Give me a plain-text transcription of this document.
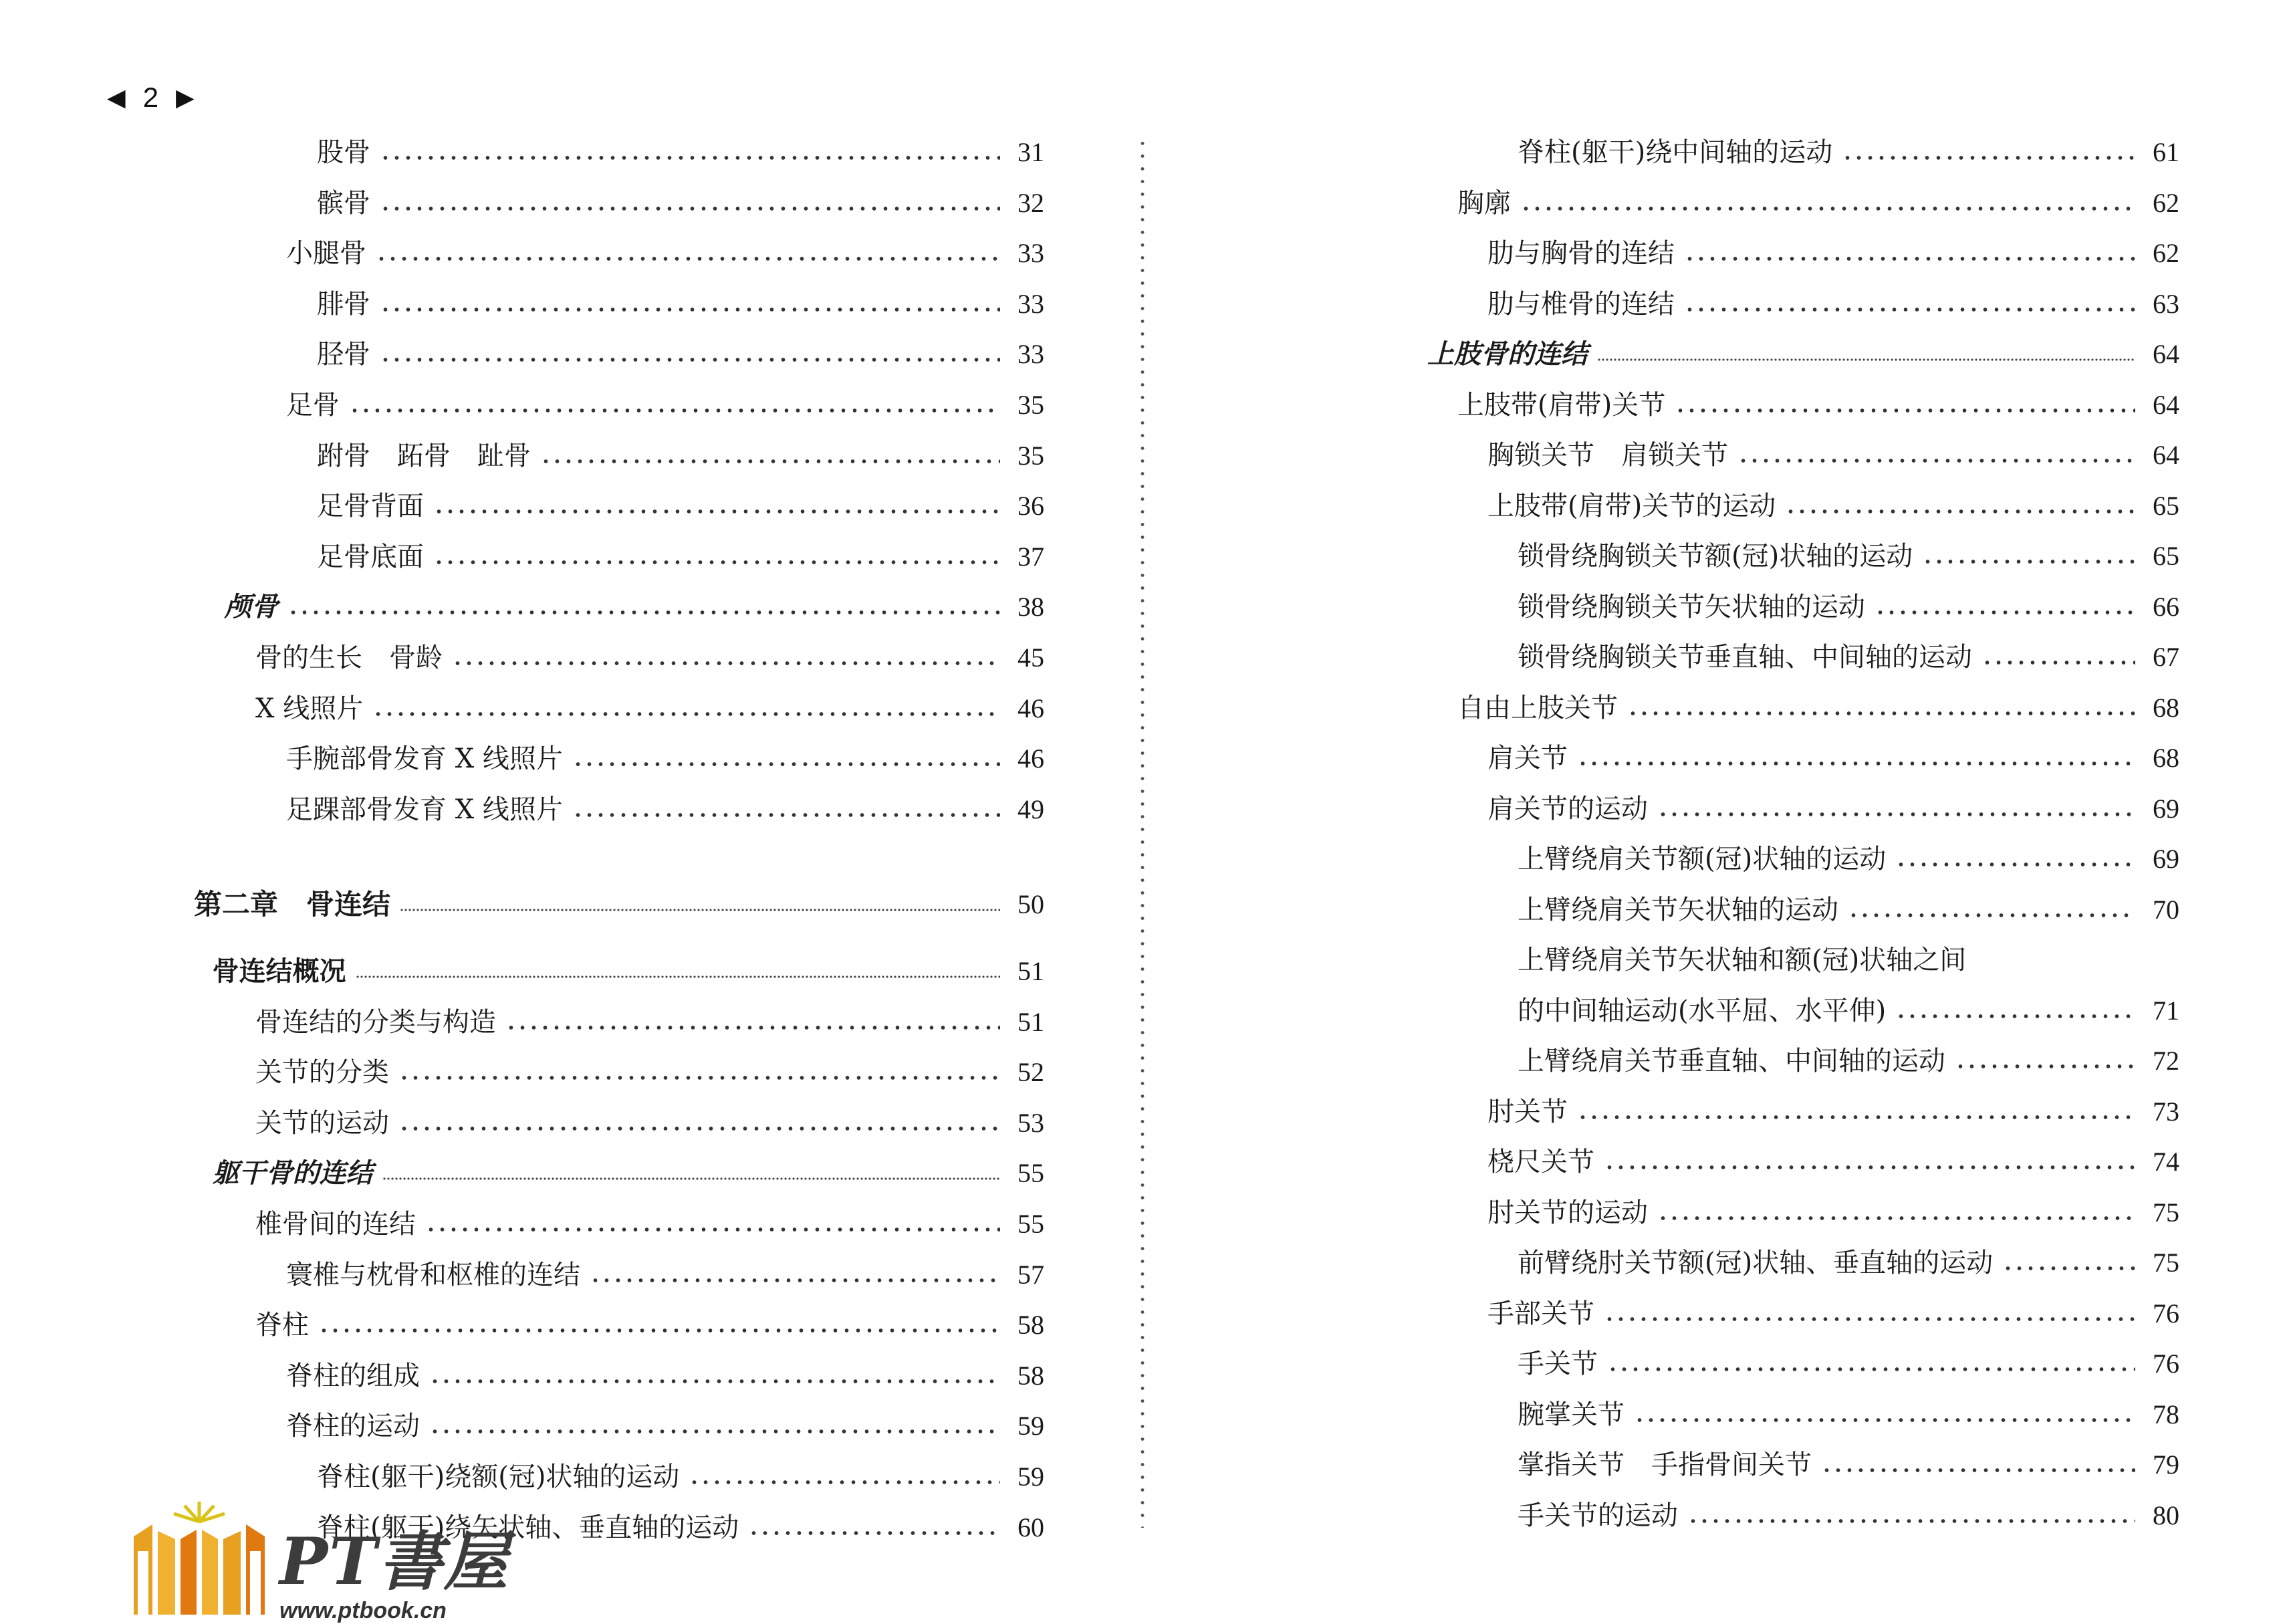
◀ 2 ▶
股骨	31
髌骨	32
小腿骨	33
腓骨	33
胫骨	33
足骨	35
跗骨　跖骨　趾骨	35
足骨背面	36
足骨底面	37
颅骨	38
骨的生长　骨龄	45
X 线照片	46
手腕部骨发育 X 线照片	46
足踝部骨发育 X 线照片	49
第二章　骨连结	50
骨连结概况	51
骨连结的分类与构造	51
关节的分类	52
关节的运动	53
躯干骨的连结	55
椎骨间的连结	55
寰椎与枕骨和枢椎的连结	57
脊柱	58
脊柱的组成	58
脊柱的运动	59
脊柱(躯干)绕额(冠)状轴的运动	59
脊柱(躯干)绕矢状轴、垂直轴的运动	60
脊柱(躯干)绕中间轴的运动	61
胸廓	62
肋与胸骨的连结	62
肋与椎骨的连结	63
上肢骨的连结	64
上肢带(肩带)关节	64
胸锁关节　肩锁关节	64
上肢带(肩带)关节的运动	65
锁骨绕胸锁关节额(冠)状轴的运动	65
锁骨绕胸锁关节矢状轴的运动	66
锁骨绕胸锁关节垂直轴、中间轴的运动	67
自由上肢关节	68
肩关节	68
肩关节的运动	69
上臂绕肩关节额(冠)状轴的运动	69
上臂绕肩关节矢状轴的运动	70
上臂绕肩关节矢状轴和额(冠)状轴之间
的中间轴运动(水平屈、水平伸)	71
上臂绕肩关节垂直轴、中间轴的运动	72
肘关节	73
桡尺关节	74
肘关节的运动	75
前臂绕肘关节额(冠)状轴、垂直轴的运动	75
手部关节	76
手关节	76
腕掌关节	78
掌指关节　手指骨间关节	79
手关节的运动	80
PT書屋
www.ptbook.cn
